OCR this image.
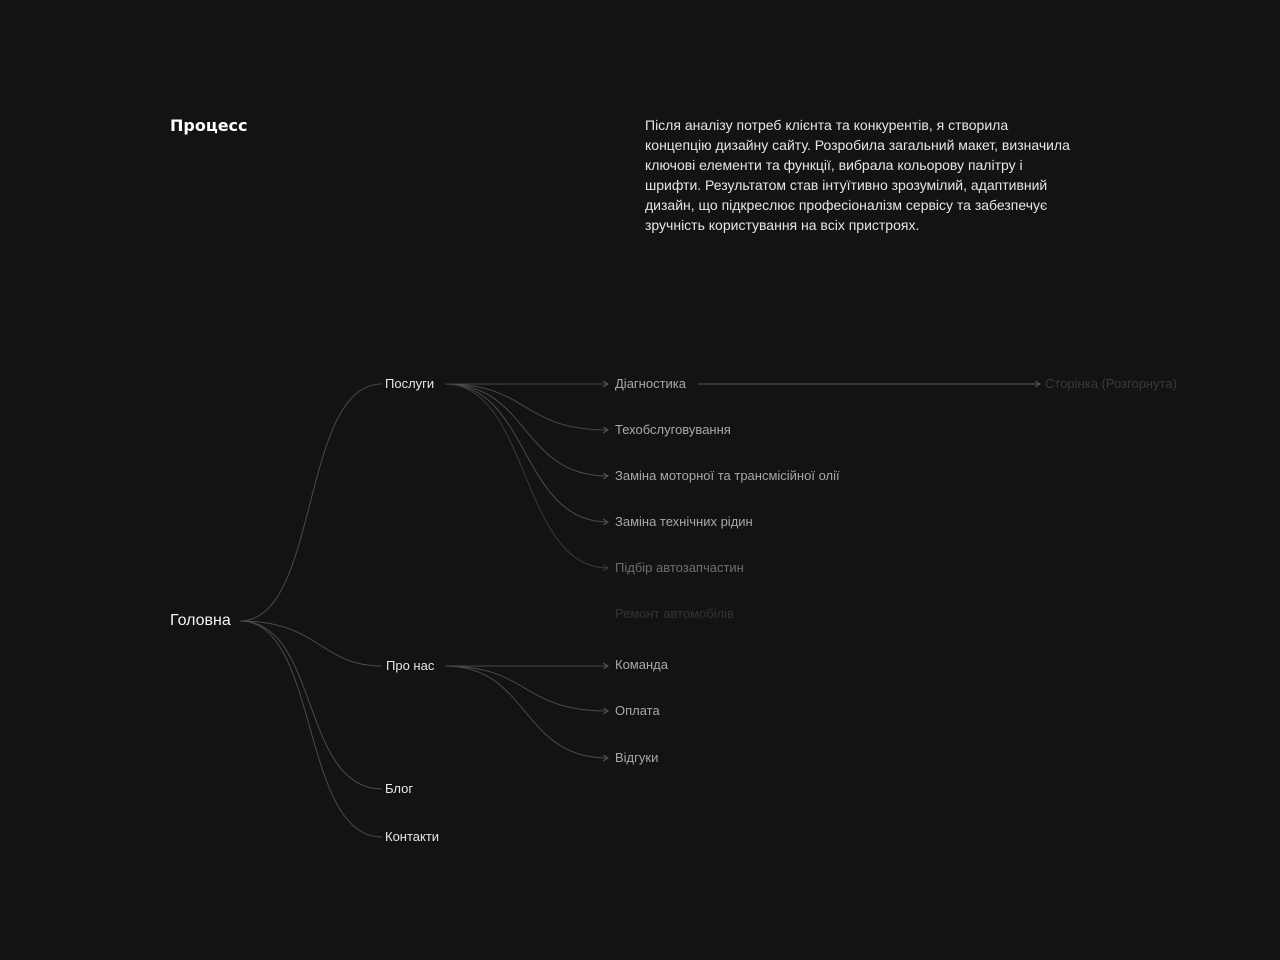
Процесс	Після аналізу потреб клієнта та конкурентів, я створила концепцію дизайну сайту. Розробила загальний макет, визначила ключові елементи та функції, вибрала кольорову палітру і шрифти. Результатом став інтуїтивно зрозумілий, адаптивний дизайн, що підкреслює професіоналізм сервісу та забезпечує зручність користування на всіх пристроях.
Головна
Послуги
Про нас
Блог
Контакти
Діагностика
Техобслуговування
Заміна моторної та трансмісійної олії
Заміна технічних рідин
Підбір автозапчастин
Ремонт автомобілів
Сторінка (Розгорнута)
Команда
Оплата
Відгуки
